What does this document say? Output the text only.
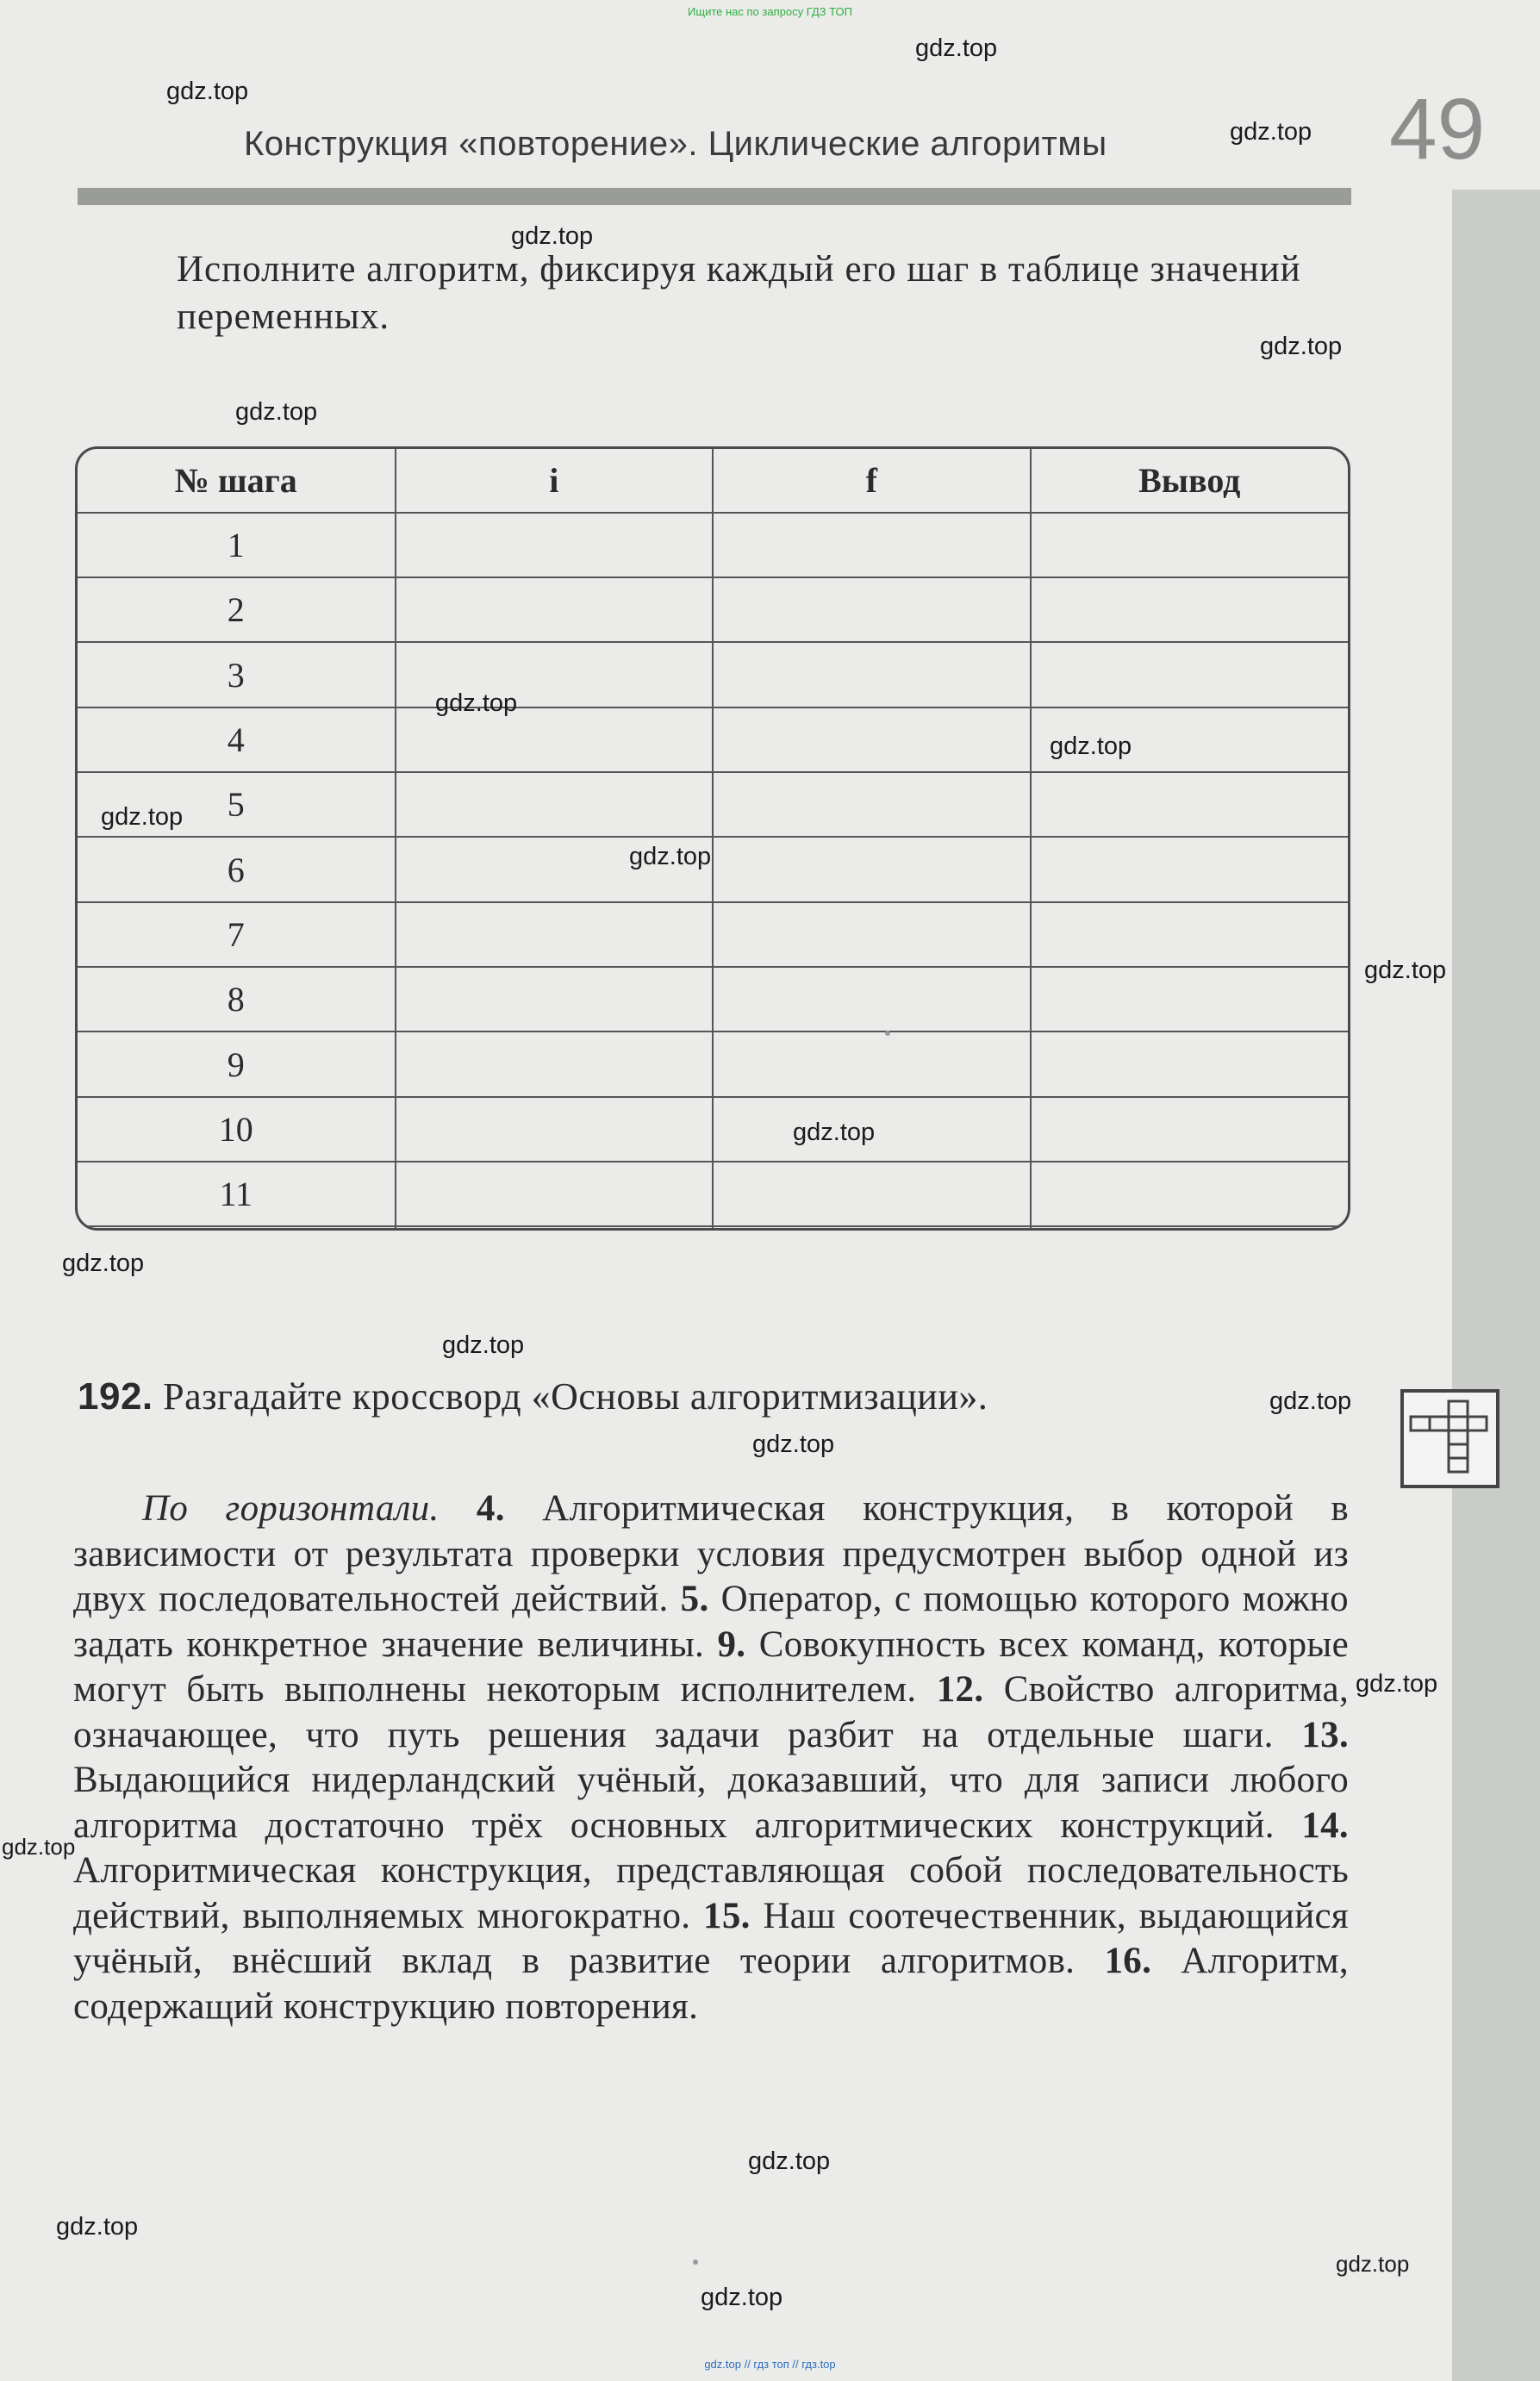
Ищите нас по запросу ГДЗ ТОП
Конструкция «повторение». Циклические алгоритмы	49
Исполните алгоритм, фиксируя каждый его шаг в таблице значений переменных.
№ шага	i	f	Вывод
1			
2			
3			
4			
5			
6			
7			
8			
9			
10			
11			

192. Разгадайте кроссворд «Основы алгоритмизации».
По горизонтали. 4. Алгоритмическая конструкция, в которой в зависимости от результата проверки условия предусмотрен выбор одной из двух последовательностей действий. 5. Оператор, с помощью которого можно задать конкретное значение величины. 9. Совокупность всех команд, которые могут быть выполнены некоторым исполнителем. 12. Свойство алгоритма, означающее, что путь решения задачи разбит на отдельные шаги. 13. Выдающийся нидерландский учёный, доказавший, что для записи любого алгоритма достаточно трёх основных алгоритмических конструкций. 14. Алгоритмическая конструкция, представляющая собой последовательность действий, выполняемых многократно. 15. Наш соотечественник, выдающийся учёный, внёсший вклад в развитие теории алгоритмов. 16. Алгоритм, содержащий конструкцию повторения.
gdz.top
gdz.top
gdz.top
gdz.top
gdz.top
gdz.top
gdz.top
gdz.top
gdz.top
gdz.top
gdz.top
gdz.top
gdz.top
gdz.top
gdz.top
gdz.top
gdz.top
gdz.top
gdz.top
gdz.top
gdz.top
gdz.top
gdz.top // гдз топ // гдз.top
